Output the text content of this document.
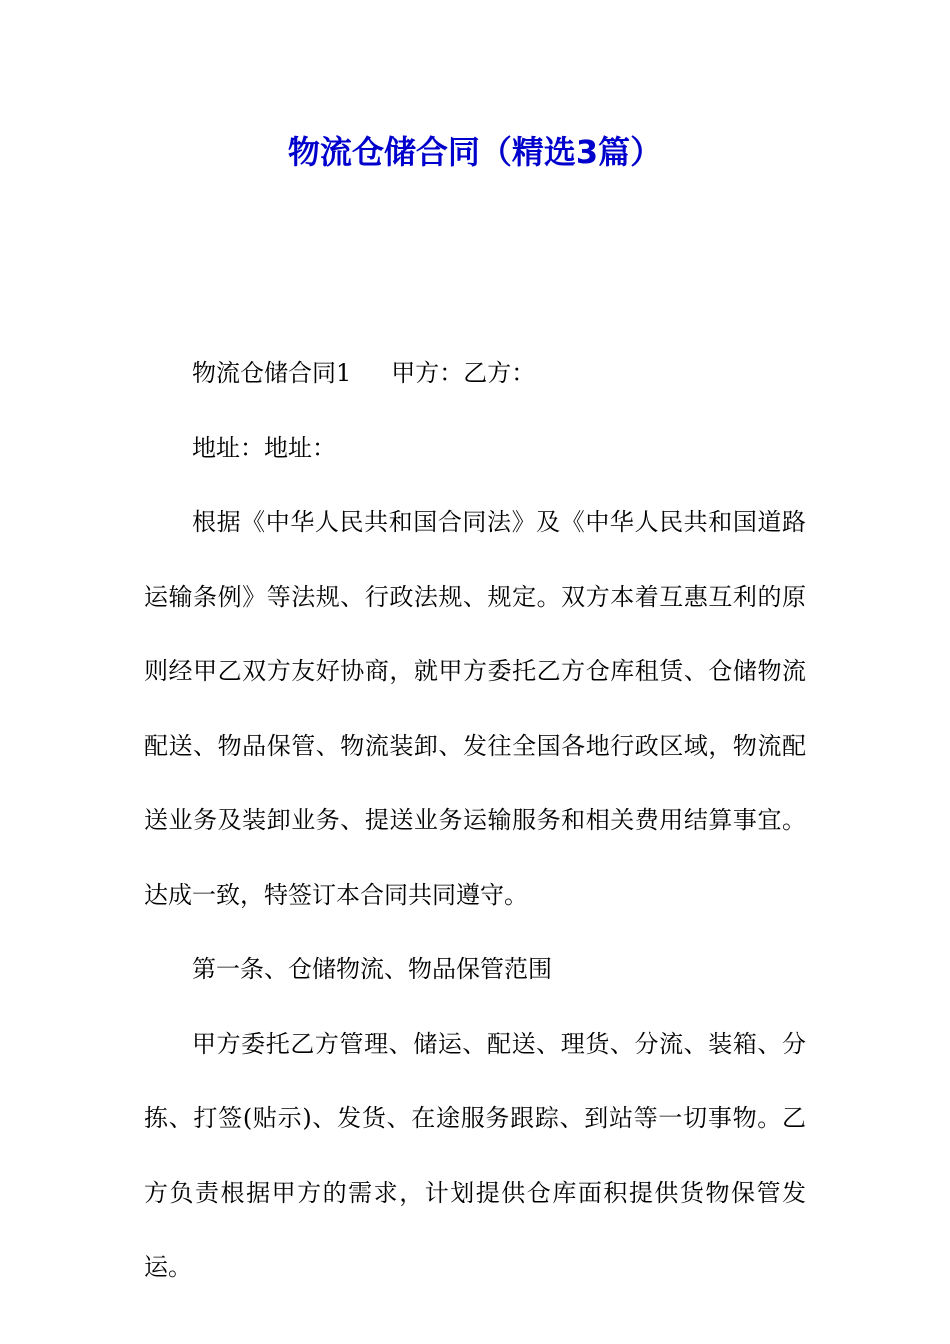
物流仓储合同（精选3篇）

物流仓储合同1 甲方：乙方：

地址：地址：

根据《中华人民共和国合同法》及《中华人民共和国道路运输条例》等法规、行政法规、规定。双方本着互惠互利的原则经甲乙双方友好协商，就甲方委托乙方仓库租赁、仓储物流配送、物品保管、物流装卸、发往全国各地行政区域，物流配送业务及装卸业务、提送业务运输服务和相关费用结算事宜。达成一致，特签订本合同共同遵守。

第一条、仓储物流、物品保管范围

甲方委托乙方管理、储运、配送、理货、分流、装箱、分拣、打签(贴示)、发货、在途服务跟踪、到站等一切事物。乙方负责根据甲方的需求，计划提供仓库面积提供货物保管发运。
